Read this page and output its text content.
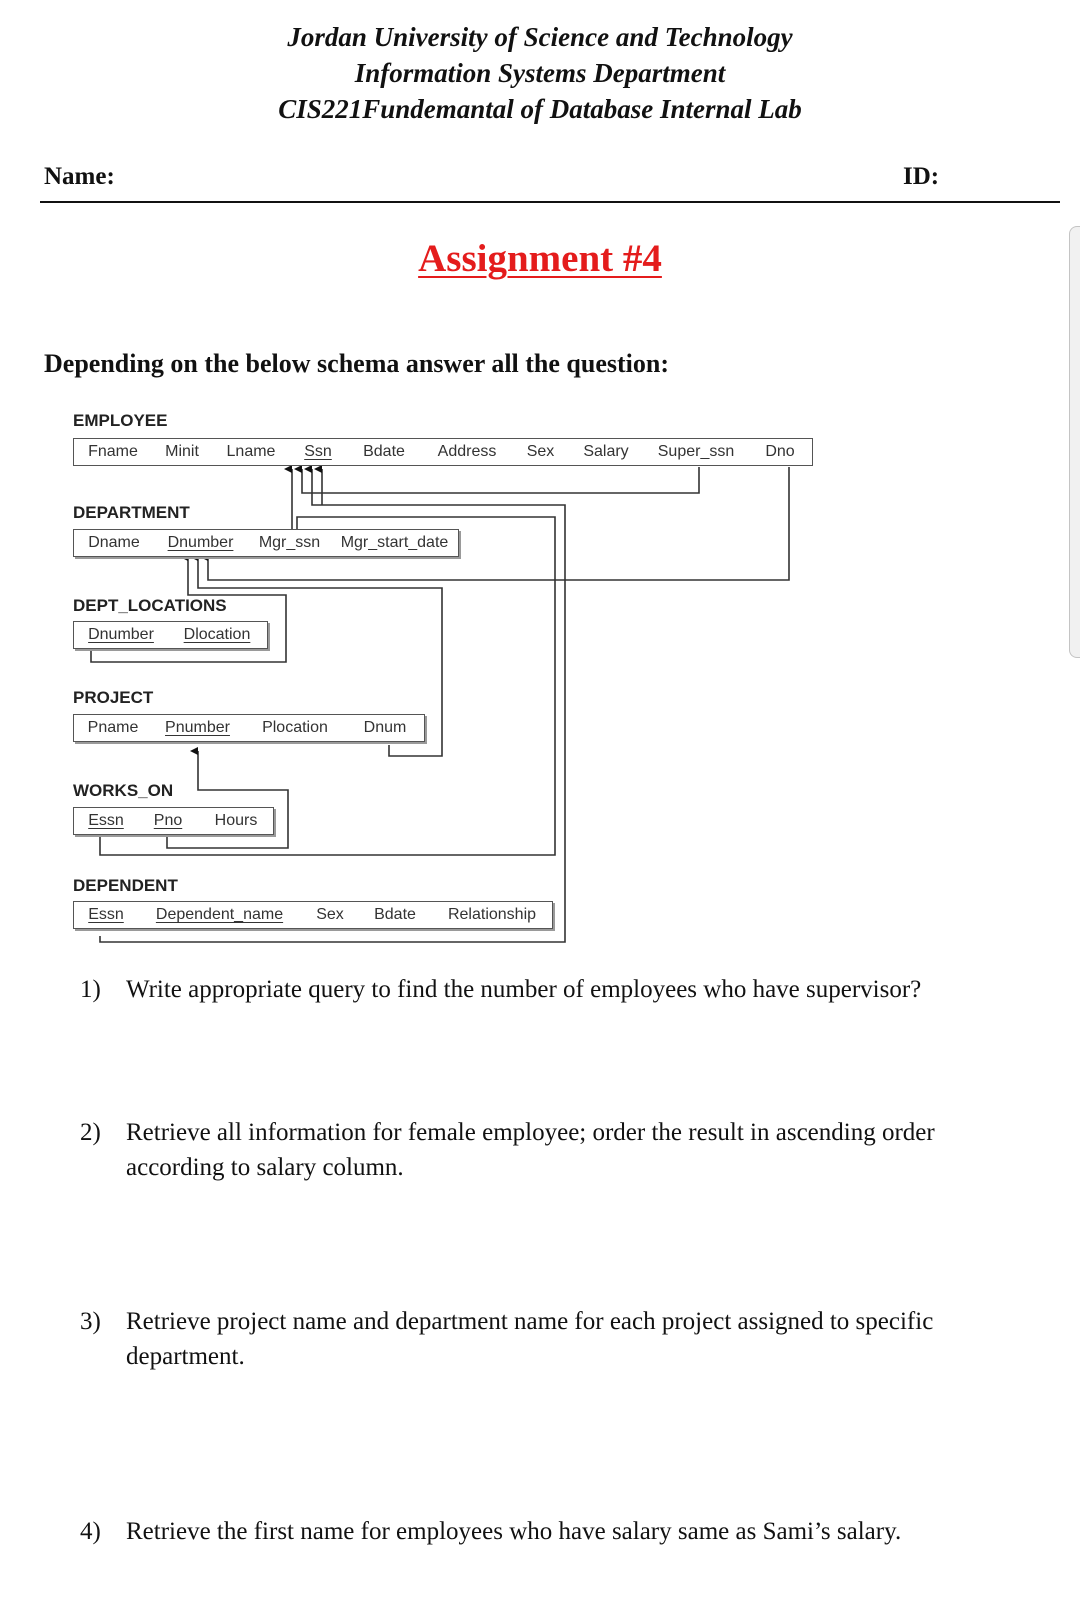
Jordan University of Science and Technology
Information Systems Department
CIS221Fundemantal of Database Internal Lab
Name:	ID:
Assignment #4
Depending on the below schema answer all the question:
EMPLOYEE
Fname	Minit	Lname	Ssn	Bdate	Address	Sex	Salary	Super_ssn	Dno
DEPARTMENT
Dname	Dnumber	Mgr_ssn	Mgr_start_date
DEPT_LOCATIONS
Dnumber	Dlocation
PROJECT
Pname	Pnumber	Plocation	Dnum
WORKS_ON
Essn	Pno	Hours
DEPENDENT
Essn	Dependent_name	Sex	Bdate	Relationship
1) Write appropriate query to find the number of employees who have supervisor?
2) Retrieve all information for female employee; order the result in ascending order according to salary column.
3) Retrieve project name and department name for each project assigned to specific department.
4) Retrieve the first name for employees who have salary same as Sami’s salary.
